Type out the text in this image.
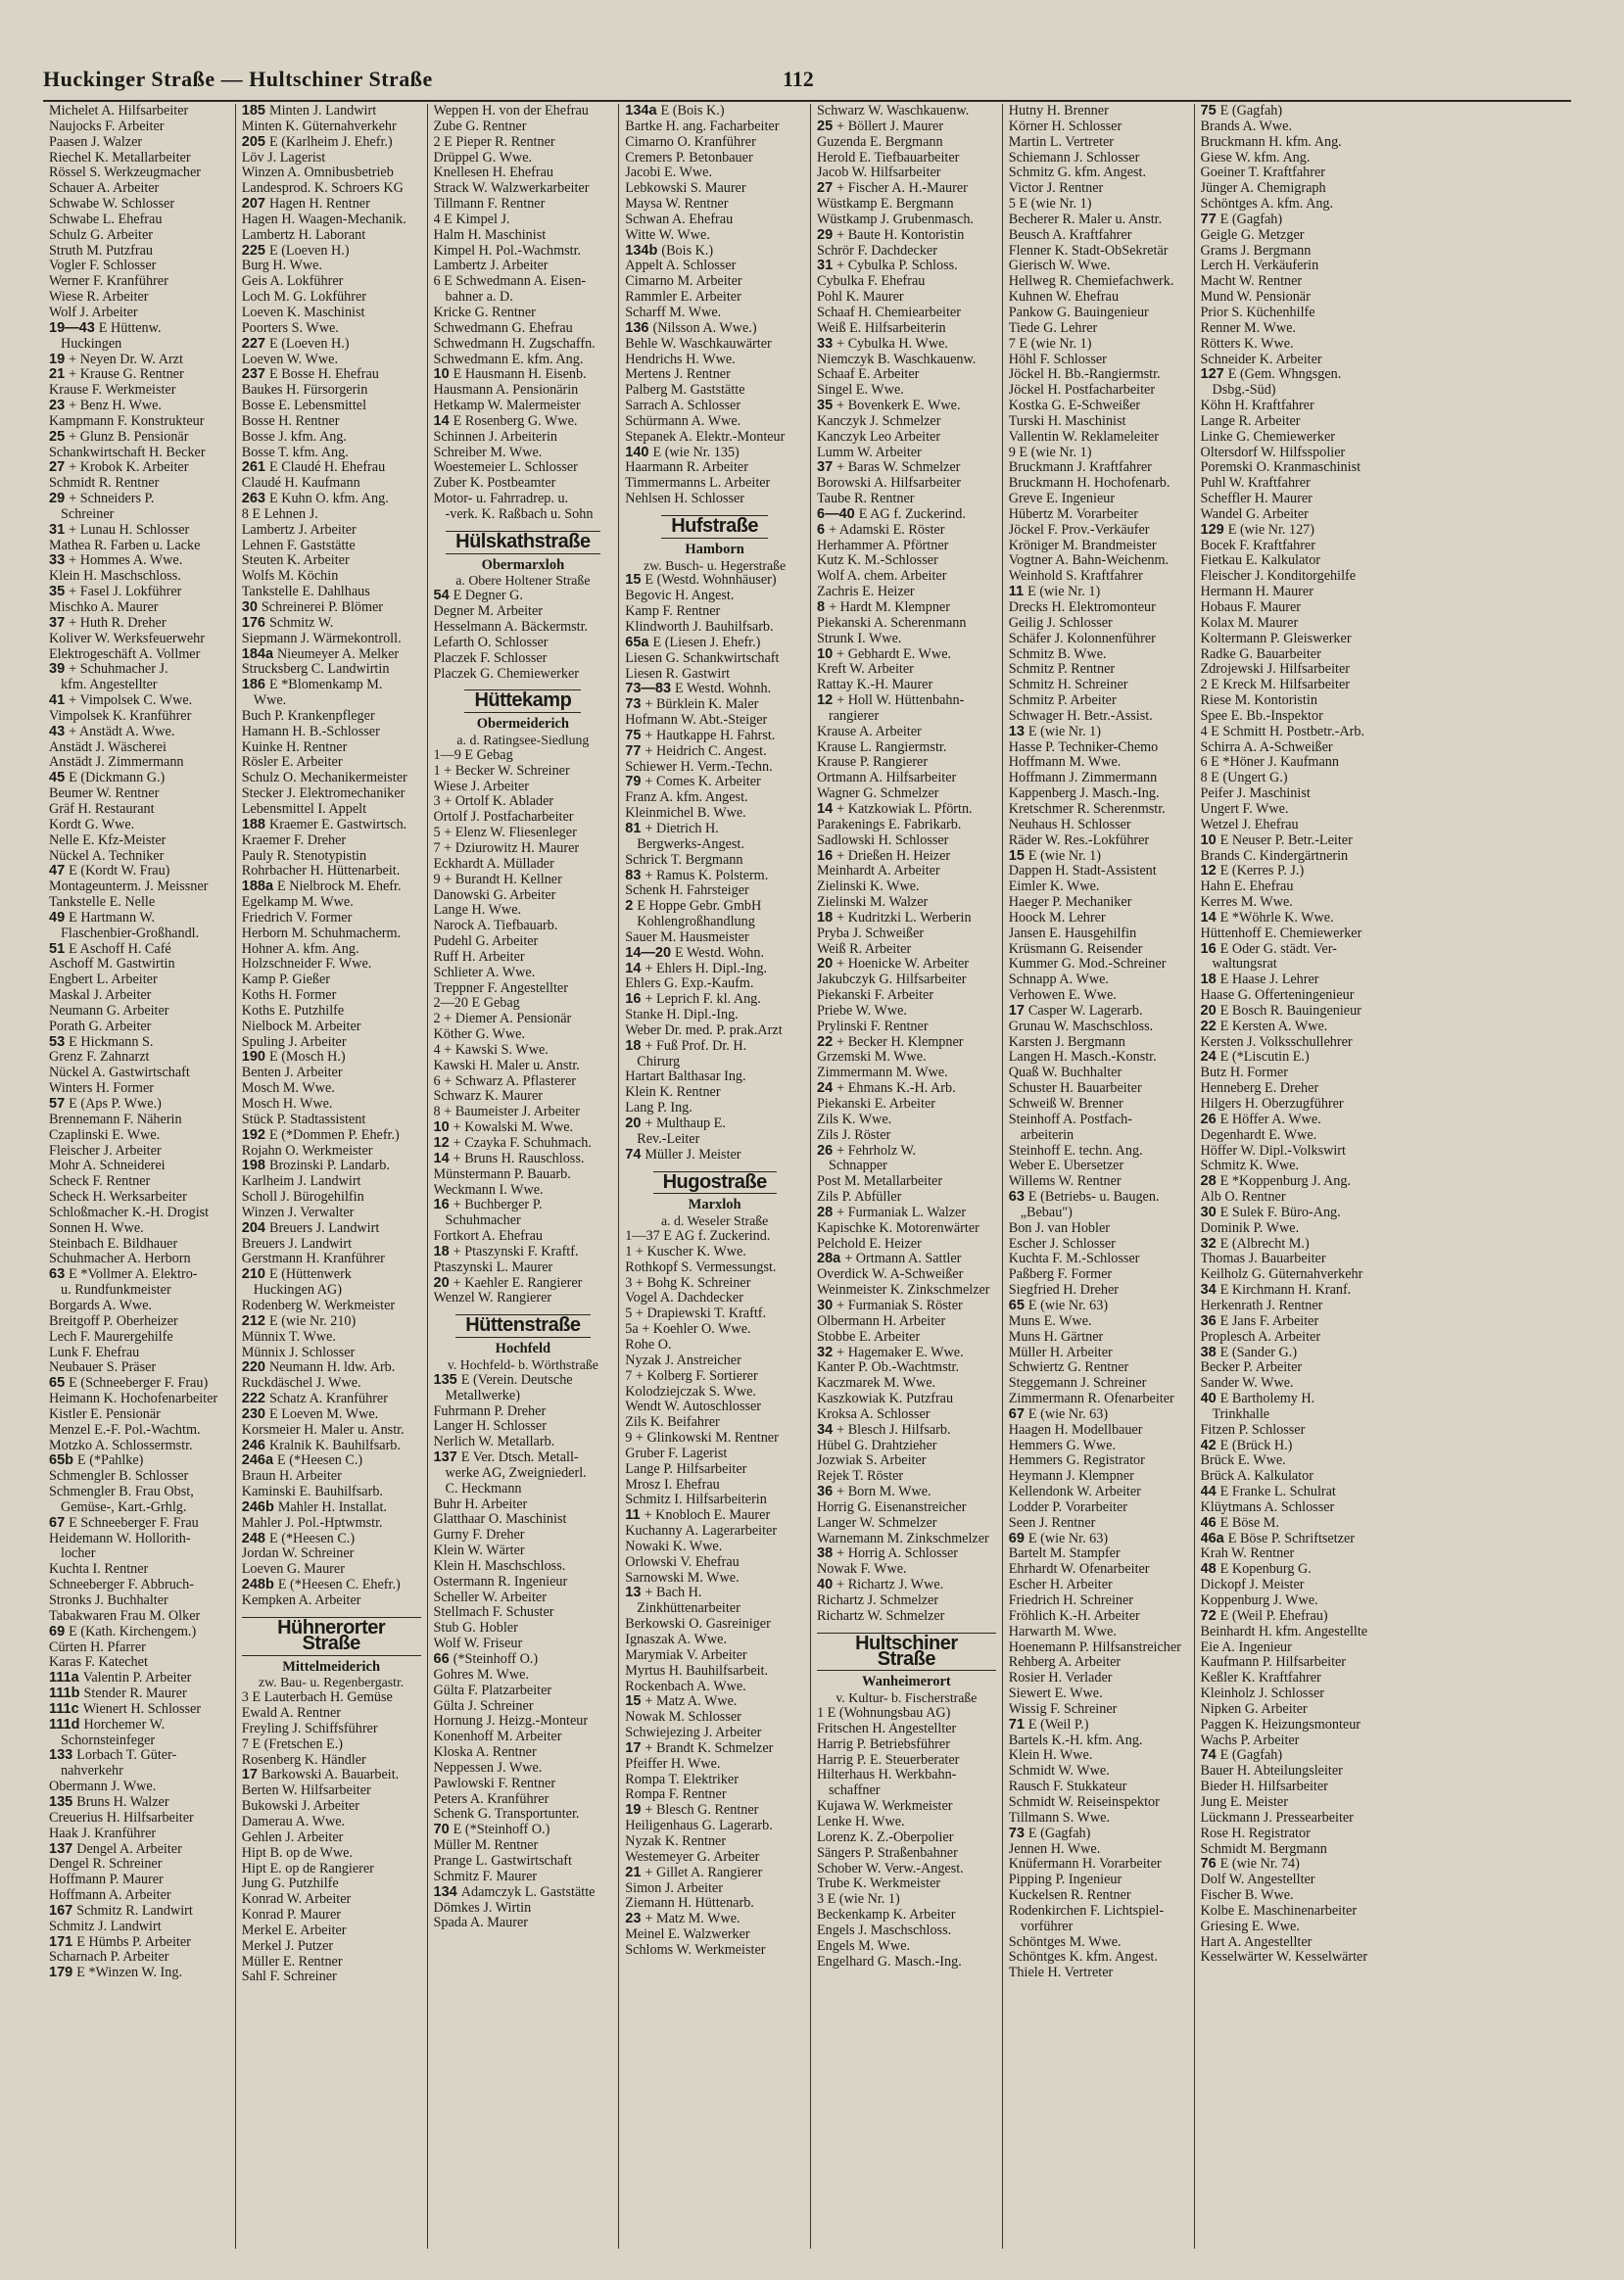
Huckinger Straße — Hultschiner Straße	112
Michelet A. Hilfsarbeiter
Naujocks F. Arbeiter
Paasen J. Walzer
Riechel K. Metallarbeiter
Rössel S. Werkzeugmacher
Schauer A. Arbeiter
Schwabe W. Schlosser
Schwabe L. Ehefrau
Schulz G. Arbeiter
Struth M. Putzfrau
Vogler F. Schlosser
Werner F. Kranführer
Wiese R. Arbeiter
Wolf J. Arbeiter
19—43 E Hüttenw.
Huckingen
19 + Neyen Dr. W. Arzt
21 + Krause G. Rentner
Krause F. Werkmeister
23 + Benz H. Wwe.
Kampmann F. Konstrukteur
25 + Glunz B. Pensionär
Schankwirtschaft H. Becker
27 + Krobok K. Arbeiter
Schmidt R. Rentner
29 + Schneiders P.
Schreiner
31 + Lunau H. Schlosser
Mathea R. Farben u. Lacke
33 + Hommes A. Wwe.
Klein H. Maschschloss.
35 + Fasel J. Lokführer
Mischko A. Maurer
37 + Huth R. Dreher
Koliver W. Werksfeuerwehr
Elektrogeschäft A. Vollmer
39 + Schuhmacher J.
kfm. Angestellter
41 + Vimpolsek C. Wwe.
Vimpolsek K. Kranführer
43 + Anstädt A. Wwe.
Anstädt J. Wäscherei
Anstädt J. Zimmermann
45 E (Dickmann G.)
Beumer W. Rentner
Gräf H. Restaurant
Kordt G. Wwe.
Nelle E. Kfz-Meister
Nückel A. Techniker
47 E (Kordt W. Frau)
Montageunterm. J. Meissner
Tankstelle E. Nelle
49 E Hartmann W.
Flaschenbier-Großhandl.
51 E Aschoff H. Café
Aschoff M. Gastwirtin
Engbert L. Arbeiter
Maskal J. Arbeiter
Neumann G. Arbeiter
Porath G. Arbeiter
53 E Hickmann S.
Grenz F. Zahnarzt
Nückel A. Gastwirtschaft
Winters H. Former
57 E (Aps P. Wwe.)
Brennemann F. Näherin
Czaplinski E. Wwe.
Fleischer J. Arbeiter
Mohr A. Schneiderei
Scheck F. Rentner
Scheck H. Werksarbeiter
Schloßmacher K.-H. Drogist
Sonnen H. Wwe.
Steinbach E. Bildhauer
Schuhmacher A. Herborn
63 E *Vollmer A. Elektro-
u. Rundfunkmeister
Borgards A. Wwe.
Breitgoff P. Oberheizer
Lech F. Maurergehilfe
Lunk F. Ehefrau
Neubauer S. Präser
65 E (Schneeberger F. Frau)
Heimann K. Hochofenarbeiter
Kistler E. Pensionär
Menzel E.-F. Pol.-Wachtm.
Motzko A. Schlossermstr.
65b E (*Pahlke)
Schmengler B. Schlosser
Schmengler B. Frau Obst,
Gemüse-, Kart.-Grhlg.
67 E Schneeberger F. Frau
Heidemann W. Hollorith-
locher
Kuchta I. Rentner
Schneeberger F. Abbruch-
Stronks J. Buchhalter
Tabakwaren Frau M. Olker
69 E (Kath. Kirchengem.)
Cürten H. Pfarrer
Karas F. Katechet
111a Valentin P. Arbeiter
111b Stender R. Maurer
111c Wienert H. Schlosser
111d Horchemer W.
Schornsteinfeger
133 Lorbach T. Güter-
nahverkehr
Obermann J. Wwe.
135 Bruns H. Walzer
Creuerius H. Hilfsarbeiter
Haak J. Kranführer
137 Dengel A. Arbeiter
Dengel R. Schreiner
Hoffmann P. Maurer
Hoffmann A. Arbeiter
167 Schmitz R. Landwirt
Schmitz J. Landwirt
171 E Hümbs P. Arbeiter
Scharnach P. Arbeiter
179 E *Winzen W. Ing.
185 Minten J. Landwirt
Minten K. Güternahverkehr
205 E (Karlheim J. Ehefr.)
Löv J. Lagerist
Winzen A. Omnibusbetrieb
Landesprod. K. Schroers KG
207 Hagen H. Rentner
Hagen H. Waagen-Mechanik.
Lambertz H. Laborant
225 E (Loeven H.)
Burg H. Wwe.
Geis A. Lokführer
Loch M. G. Lokführer
Loeven K. Maschinist
Poorters S. Wwe.
227 E (Loeven H.)
Loeven W. Wwe.
237 E Bosse H. Ehefrau
Baukes H. Fürsorgerin
Bosse E. Lebensmittel
Bosse H. Rentner
Bosse J. kfm. Ang.
Bosse T. kfm. Ang.
261 E Claudé H. Ehefrau
Claudé H. Kaufmann
263 E Kuhn O. kfm. Ang.
8 E Lehnen J.
Lambertz J. Arbeiter
Lehnen F. Gaststätte
Steuten K. Arbeiter
Wolfs M. Köchin
Tankstelle E. Dahlhaus
30 Schreinerei P. Blömer
176 Schmitz W.
Siepmann J. Wärmekontroll.
184a Nieumeyer A. Melker
Strucksberg C. Landwirtin
186 E *Blomenkamp M.
Wwe.
Buch P. Krankenpfleger
Hamann H. B.-Schlosser
Kuinke H. Rentner
Rösler E. Arbeiter
Schulz O. Mechanikermeister
Stecker J. Elektromechaniker
Lebensmittel I. Appelt
188 Kraemer E. Gastwirtsch.
Kraemer F. Dreher
Pauly R. Stenotypistin
Rohrbacher H. Hüttenarbeit.
188a E Nielbrock M. Ehefr.
Egelkamp M. Wwe.
Friedrich V. Former
Herborn M. Schuhmacherm.
Hohner A. kfm. Ang.
Holzschneider F. Wwe.
Kamp P. Gießer
Koths H. Former
Koths E. Putzhilfe
Nielbock M. Arbeiter
Spuling J. Arbeiter
190 E (Mosch H.)
Benten J. Arbeiter
Mosch M. Wwe.
Mosch H. Wwe.
Stück P. Stadtassistent
192 E (*Dommen P. Ehefr.)
Rojahn O. Werkmeister
198 Brozinski P. Landarb.
Karlheim J. Landwirt
Scholl J. Bürogehilfin
Winzen J. Verwalter
204 Breuers J. Landwirt
Breuers J. Landwirt
Gerstmann H. Kranführer
210 E (Hüttenwerk
Huckingen AG)
Rodenberg W. Werkmeister
212 E (wie Nr. 210)
Münnix T. Wwe.
Münnix J. Schlosser
220 Neumann H. ldw. Arb.
Ruckdäschel J. Wwe.
222 Schatz A. Kranführer
230 E Loeven M. Wwe.
Korsmeier H. Maler u. Anstr.
246 Kralnik K. Bauhilfsarb.
246a E (*Heesen C.)
Braun H. Arbeiter
Kaminski E. Bauhilfsarb.
246b Mahler H. Installat.
Mahler J. Pol.-Hptwmstr.
248 E (*Heesen C.)
Jordan W. Schreiner
Loeven G. Maurer
248b E (*Heesen C. Ehefr.)
Kempken A. Arbeiter
Hühnerorter Straße
Mittelmeiderich
zw. Bau- u. Regenbergastr.
3 E Lauterbach H. Gemüse
Ewald A. Rentner
Freyling J. Schiffsführer
7 E (Fretschen E.)
Rosenberg K. Händler
17 Barkowski A. Bauarbeit.
Berten W. Hilfsarbeiter
Bukowski J. Arbeiter
Damerau A. Wwe.
Gehlen J. Arbeiter
Hipt B. op de Wwe.
Hipt E. op de Rangierer
Jung G. Putzhilfe
Konrad W. Arbeiter
Konrad P. Maurer
Merkel E. Arbeiter
Merkel J. Putzer
Müller E. Rentner
Sahl F. Schreiner
Weppen H. von der Ehefrau
Zube G. Rentner
2 E Pieper R. Rentner
Drüppel G. Wwe.
Knellesen H. Ehefrau
Strack W. Walzwerkarbeiter
Tillmann F. Rentner
4 E Kimpel J.
Halm H. Maschinist
Kimpel H. Pol.-Wachmstr.
Lambertz J. Arbeiter
6 E Schwedmann A. Eisen-
bahner a. D.
Kricke G. Rentner
Schwedmann G. Ehefrau
Schwedmann H. Zugschaffn.
Schwedmann E. kfm. Ang.
10 E Hausmann H. Eisenb.
Hausmann A. Pensionärin
Hetkamp W. Malermeister
14 E Rosenberg G. Wwe.
Schinnen J. Arbeiterin
Schreiber M. Wwe.
Woestemeier L. Schlosser
Zuber K. Postbeamter
Motor- u. Fahrradrep. u.
-verk. K. Raßbach u. Sohn
Hülskathstraße
Obermarxloh
a. Obere Holtener Straße
54 E Degner G.
Degner M. Arbeiter
Hesselmann A. Bäckermstr.
Lefarth O. Schlosser
Placzek F. Schlosser
Placzek G. Chemiewerker
Hüttekamp
Obermeiderich
a. d. Ratingsee-Siedlung
1—9 E Gebag
1 + Becker W. Schreiner
Wiese J. Arbeiter
3 + Ortolf K. Ablader
Ortolf J. Postfacharbeiter
5 + Elenz W. Fliesenleger
7 + Dziurowitz H. Maurer
Eckhardt A. Müllader
9 + Burandt H. Kellner
Danowski G. Arbeiter
Lange H. Wwe.
Narock A. Tiefbauarb.
Pudehl G. Arbeiter
Ruff H. Arbeiter
Schlieter A. Wwe.
Treppner F. Angestellter
2—20 E Gebag
2 + Diemer A. Pensionär
Köther G. Wwe.
4 + Kawski S. Wwe.
Kawski H. Maler u. Anstr.
6 + Schwarz A. Pflasterer
Schwarz K. Maurer
8 + Baumeister J. Arbeiter
10 + Kowalski M. Wwe.
12 + Czayka F. Schuhmach.
14 + Bruns H. Rauschloss.
Münstermann P. Bauarb.
Weckmann I. Wwe.
16 + Buchberger P.
Schuhmacher
Fortkort A. Ehefrau
18 + Ptaszynski F. Kraftf.
Ptaszynski L. Maurer
20 + Kaehler E. Rangierer
Wenzel W. Rangierer
Hüttenstraße
Hochfeld
v. Hochfeld- b. Wörthstraße
135 E (Verein. Deutsche
Metallwerke)
Fuhrmann P. Dreher
Langer H. Schlosser
Nerlich W. Metallarb.
137 E Ver. Dtsch. Metall-
werke AG, Zweigniederl.
C. Heckmann
Buhr H. Arbeiter
Glatthaar O. Maschinist
Gurny F. Dreher
Klein W. Wärter
Klein H. Maschschloss.
Ostermann R. Ingenieur
Scheller W. Arbeiter
Stellmach F. Schuster
Stub G. Hobler
Wolf W. Friseur
66 (*Steinhoff O.)
Gohres M. Wwe.
Gülta F. Platzarbeiter
Gülta J. Schreiner
Hornung J. Heizg.-Monteur
Konenhoff M. Arbeiter
Kloska A. Rentner
Neppessen J. Wwe.
Pawlowski F. Rentner
Peters A. Kranführer
Schenk G. Transportunter.
70 E (*Steinhoff O.)
Müller M. Rentner
Prange L. Gastwirtschaft
Schmitz F. Maurer
134 Adamczyk L. Gaststätte
Dömkes J. Wirtin
Spada A. Maurer
134a E (Bois K.)
Bartke H. ang. Facharbeiter
Cimarno O. Kranführer
Cremers P. Betonbauer
Jacobi E. Wwe.
Lebkowski S. Maurer
Maysa W. Rentner
Schwan A. Ehefrau
Witte W. Wwe.
134b (Bois K.)
Appelt A. Schlosser
Cimarno M. Arbeiter
Rammler E. Arbeiter
Scharff M. Wwe.
136 (Nilsson A. Wwe.)
Behle W. Waschkauwärter
Hendrichs H. Wwe.
Mertens J. Rentner
Palberg M. Gaststätte
Sarrach A. Schlosser
Schürmann A. Wwe.
Stepanek A. Elektr.-Monteur
140 E (wie Nr. 135)
Haarmann R. Arbeiter
Timmermanns L. Arbeiter
Nehlsen H. Schlosser
Hufstraße
Hamborn
zw. Busch- u. Hegerstraße
15 E (Westd. Wohnhäuser)
Begovic H. Angest.
Kamp F. Rentner
Klindworth J. Bauhilfsarb.
65a E (Liesen J. Ehefr.)
Liesen G. Schankwirtschaft
Liesen R. Gastwirt
73—83 E Westd. Wohnh.
73 + Bürklein K. Maler
Hofmann W. Abt.-Steiger
75 + Hautkappe H. Fahrst.
77 + Heidrich C. Angest.
Schiewer H. Verm.-Techn.
79 + Comes K. Arbeiter
Franz A. kfm. Angest.
Kleinmichel B. Wwe.
81 + Dietrich H.
Bergwerks-Angest.
Schrick T. Bergmann
83 + Ramus K. Polsterm.
Schenk H. Fahrsteiger
2 E Hoppe Gebr. GmbH
Kohlengroßhandlung
Sauer M. Hausmeister
14—20 E Westd. Wohn.
14 + Ehlers H. Dipl.-Ing.
Ehlers G. Exp.-Kaufm.
16 + Leprich F. kl. Ang.
Stanke H. Dipl.-Ing.
Weber Dr. med. P. prak.Arzt
18 + Fuß Prof. Dr. H.
Chirurg
Hartart Balthasar Ing.
Klein K. Rentner
Lang P. Ing.
20 + Multhaup E.
Rev.-Leiter
74 Müller J. Meister
Hugostraße
Marxloh
a. d. Weseler Straße
1—37 E AG f. Zuckerind.
1 + Kuscher K. Wwe.
Rothkopf S. Vermessungst.
3 + Bohg K. Schreiner
Vogel A. Dachdecker
5 + Drapiewski T. Kraftf.
5a + Koehler O. Wwe.
Rohe O.
Nyzak J. Anstreicher
7 + Kolberg F. Sortierer
Kolodziejczak S. Wwe.
Wendt W. Autoschlosser
Zils K. Beifahrer
9 + Glinkowski M. Rentner
Gruber F. Lagerist
Lange P. Hilfsarbeiter
Mrosz I. Ehefrau
Schmitz I. Hilfsarbeiterin
11 + Knobloch E. Maurer
Kuchanny A. Lagerarbeiter
Nowaki K. Wwe.
Orlowski V. Ehefrau
Sarnowski M. Wwe.
13 + Bach H.
Zinkhüttenarbeiter
Berkowski O. Gasreiniger
Ignaszak A. Wwe.
Marymiak V. Arbeiter
Myrtus H. Bauhilfsarbeit.
Rockenbach A. Wwe.
15 + Matz A. Wwe.
Nowak M. Schlosser
Schwiejezing J. Arbeiter
17 + Brandt K. Schmelzer
Pfeiffer H. Wwe.
Rompa T. Elektriker
Rompa F. Rentner
19 + Blesch G. Rentner
Heiligenhaus G. Lagerarb.
Nyzak K. Rentner
Westemeyer G. Arbeiter
21 + Gillet A. Rangierer
Simon J. Arbeiter
Ziemann H. Hüttenarb.
23 + Matz M. Wwe.
Meinel E. Walzwerker
Schloms W. Werkmeister
Schwarz W. Waschkauenw.
25 + Böllert J. Maurer
Guzenda E. Bergmann
Herold E. Tiefbauarbeiter
Jacob W. Hilfsarbeiter
27 + Fischer A. H.-Maurer
Wüstkamp E. Bergmann
Wüstkamp J. Grubenmasch.
29 + Baute H. Kontoristin
Schrör F. Dachdecker
31 + Cybulka P. Schloss.
Cybulka F. Ehefrau
Pohl K. Maurer
Schaaf H. Chemiearbeiter
Weiß E. Hilfsarbeiterin
33 + Cybulka H. Wwe.
Niemczyk B. Waschkauenw.
Schaaf E. Arbeiter
Singel E. Wwe.
35 + Bovenkerk E. Wwe.
Kanczyk J. Schmelzer
Kanczyk Leo Arbeiter
Lumm W. Arbeiter
37 + Baras W. Schmelzer
Borowski A. Hilfsarbeiter
Taube R. Rentner
6—40 E AG f. Zuckerind.
6 + Adamski E. Röster
Herhammer A. Pförtner
Kutz K. M.-Schlosser
Wolf A. chem. Arbeiter
Zachris E. Heizer
8 + Hardt M. Klempner
Piekanski A. Scherenmann
Strunk I. Wwe.
10 + Gebhardt E. Wwe.
Kreft W. Arbeiter
Rattay K.-H. Maurer
12 + Holl W. Hüttenbahn-
rangierer
Krause A. Arbeiter
Krause L. Rangiermstr.
Krause P. Rangierer
Ortmann A. Hilfsarbeiter
Wagner G. Schmelzer
14 + Katzkowiak L. Pförtn.
Parakenings E. Fabrikarb.
Sadlowski H. Schlosser
16 + Drießen H. Heizer
Meinhardt A. Arbeiter
Zielinski K. Wwe.
Zielinski M. Walzer
18 + Kudritzki L. Werberin
Pryba J. Schweißer
Weiß R. Arbeiter
20 + Hoenicke W. Arbeiter
Jakubczyk G. Hilfsarbeiter
Piekanski F. Arbeiter
Priebe W. Wwe.
Prylinski F. Rentner
22 + Becker H. Klempner
Grzemski M. Wwe.
Zimmermann M. Wwe.
24 + Ehmans K.-H. Arb.
Piekanski E. Arbeiter
Zils K. Wwe.
Zils J. Röster
26 + Fehrholz W.
Schnapper
Post M. Metallarbeiter
Zils P. Abfüller
28 + Furmaniak L. Walzer
Kapischke K. Motorenwärter
Pelchold E. Heizer
28a + Ortmann A. Sattler
Overdick W. A-Schweißer
Weinmeister K. Zinkschmelzer
30 + Furmaniak S. Röster
Olbermann H. Arbeiter
Stobbe E. Arbeiter
32 + Hagemaker E. Wwe.
Kanter P. Ob.-Wachtmstr.
Kaczmarek M. Wwe.
Kaszkowiak K. Putzfrau
Kroksa A. Schlosser
34 + Blesch J. Hilfsarb.
Hübel G. Drahtzieher
Jozwiak S. Arbeiter
Rejek T. Röster
36 + Born M. Wwe.
Horrig G. Eisenanstreicher
Langer W. Schmelzer
Warnemann M. Zinkschmelzer
38 + Horrig A. Schlosser
Nowak F. Wwe.
40 + Richartz J. Wwe.
Richartz J. Schmelzer
Richartz W. Schmelzer
Hultschiner Straße
Wanheimerort
v. Kultur- b. Fischerstraße
1 E (Wohnungsbau AG)
Fritschen H. Angestellter
Harrig P. Betriebsführer
Harrig P. E. Steuerberater
Hilterhaus H. Werkbahn-
schaffner
Kujawa W. Werkmeister
Lenke H. Wwe.
Lorenz K. Z.-Oberpolier
Sängers P. Straßenbahner
Schober W. Verw.-Angest.
Trube K. Werkmeister
3 E (wie Nr. 1)
Beckenkamp K. Arbeiter
Engels J. Maschschloss.
Engels M. Wwe.
Engelhard G. Masch.-Ing.
Hutny H. Brenner
Körner H. Schlosser
Martin L. Vertreter
Schiemann J. Schlosser
Schmitz G. kfm. Angest.
Victor J. Rentner
5 E (wie Nr. 1)
Becherer R. Maler u. Anstr.
Beusch A. Kraftfahrer
Flenner K. Stadt-ObSekretär
Gierisch W. Wwe.
Hellweg R. Chemiefachwerk.
Kuhnen W. Ehefrau
Pankow G. Bauingenieur
Tiede G. Lehrer
7 E (wie Nr. 1)
Höhl F. Schlosser
Jöckel H. Bb.-Rangiermstr.
Jöckel H. Postfacharbeiter
Kostka G. E-Schweißer
Turski H. Maschinist
Vallentin W. Reklameleiter
9 E (wie Nr. 1)
Bruckmann J. Kraftfahrer
Bruckmann H. Hochofenarb.
Greve E. Ingenieur
Hübertz M. Vorarbeiter
Jöckel F. Prov.-Verkäufer
Kröniger M. Brandmeister
Vogtner A. Bahn-Weichenm.
Weinhold S. Kraftfahrer
11 E (wie Nr. 1)
Drecks H. Elektromonteur
Geilig J. Schlosser
Schäfer J. Kolonnenführer
Schmitz B. Wwe.
Schmitz P. Rentner
Schmitz H. Schreiner
Schmitz P. Arbeiter
Schwager H. Betr.-Assist.
13 E (wie Nr. 1)
Hasse P. Techniker-Chemo
Hoffmann M. Wwe.
Hoffmann J. Zimmermann
Kappenberg J. Masch.-Ing.
Kretschmer R. Scherenmstr.
Neuhaus H. Schlosser
Räder W. Res.-Lokführer
15 E (wie Nr. 1)
Dappen H. Stadt-Assistent
Eimler K. Wwe.
Haeger P. Mechaniker
Hoock M. Lehrer
Jansen E. Hausgehilfin
Krüsmann G. Reisender
Kummer G. Mod.-Schreiner
Schnapp A. Wwe.
Verhowen E. Wwe.
17 Casper W. Lagerarb.
Grunau W. Maschschloss.
Karsten J. Bergmann
Langen H. Masch.-Konstr.
Quaß W. Buchhalter
Schuster H. Bauarbeiter
Schweiß W. Brenner
Steinhoff A. Postfach-
arbeiterin
Steinhoff E. techn. Ang.
Weber E. Übersetzer
Willems W. Rentner
63 E (Betriebs- u. Baugen.
„Bebau")
Bon J. van Hobler
Escher J. Schlosser
Kuchta F. M.-Schlosser
Paßberg F. Former
Siegfried H. Dreher
65 E (wie Nr. 63)
Muns E. Wwe.
Muns H. Gärtner
Müller H. Arbeiter
Schwiertz G. Rentner
Steggemann J. Schreiner
Zimmermann R. Ofenarbeiter
67 E (wie Nr. 63)
Haagen H. Modellbauer
Hemmers G. Wwe.
Hemmers G. Registrator
Heymann J. Klempner
Kellendonk W. Arbeiter
Lodder P. Vorarbeiter
Seen J. Rentner
69 E (wie Nr. 63)
Bartelt M. Stampfer
Ehrhardt W. Ofenarbeiter
Escher H. Arbeiter
Friedrich H. Schreiner
Fröhlich K.-H. Arbeiter
Harwarth M. Wwe.
Hoenemann P. Hilfsanstreicher
Rehberg A. Arbeiter
Rosier H. Verlader
Siewert E. Wwe.
Wissig F. Schreiner
71 E (Weil P.)
Bartels K.-H. kfm. Ang.
Klein H. Wwe.
Schmidt W. Wwe.
Rausch F. Stukkateur
Schmidt W. Reiseinspektor
Tillmann S. Wwe.
73 E (Gagfah)
Jennen H. Wwe.
Knüfermann H. Vorarbeiter
Pipping P. Ingenieur
Kuckelsen R. Rentner
Rodenkirchen F. Lichtspiel-
vorführer
Schöntges M. Wwe.
Schöntges K. kfm. Angest.
Thiele H. Vertreter
75 E (Gagfah)
Brands A. Wwe.
Bruckmann H. kfm. Ang.
Giese W. kfm. Ang.
Goeiner T. Kraftfahrer
Jünger A. Chemigraph
Schöntges A. kfm. Ang.
77 E (Gagfah)
Geigle G. Metzger
Grams J. Bergmann
Lerch H. Verkäuferin
Macht W. Rentner
Mund W. Pensionär
Prior S. Küchenhilfe
Renner M. Wwe.
Rötters K. Wwe.
Schneider K. Arbeiter
127 E (Gem. Whngsgen.
Dsbg.-Süd)
Köhn H. Kraftfahrer
Lange R. Arbeiter
Linke G. Chemiewerker
Oltersdorf W. Hilfsspolier
Poremski O. Kranmaschinist
Puhl W. Kraftfahrer
Scheffler H. Maurer
Wandel G. Arbeiter
129 E (wie Nr. 127)
Bocek F. Kraftfahrer
Fietkau E. Kalkulator
Fleischer J. Konditorgehilfe
Hermann H. Maurer
Hobaus F. Maurer
Kolax M. Maurer
Koltermann P. Gleiswerker
Radke G. Bauarbeiter
Zdrojewski J. Hilfsarbeiter
2 E Kreck M. Hilfsarbeiter
Riese M. Kontoristin
Spee E. Bb.-Inspektor
4 E Schmitt H. Postbetr.-Arb.
Schirra A. A-Schweißer
6 E *Höner J. Kaufmann
8 E (Ungert G.)
Peifer J. Maschinist
Ungert F. Wwe.
Wetzel J. Ehefrau
10 E Neuser P. Betr.-Leiter
Brands C. Kindergärtnerin
12 E (Kerres P. J.)
Hahn E. Ehefrau
Kerres M. Wwe.
14 E *Wöhrle K. Wwe.
Hüttenhoff E. Chemiewerker
16 E Oder G. städt. Ver-
waltungsrat
18 E Haase J. Lehrer
Haase G. Offerteningenieur
20 E Bosch R. Bauingenieur
22 E Kersten A. Wwe.
Kersten J. Volksschullehrer
24 E (*Liscutin E.)
Butz H. Former
Henneberg E. Dreher
Hilgers H. Oberzugführer
26 E Höffer A. Wwe.
Degenhardt E. Wwe.
Höffer W. Dipl.-Volkswirt
Schmitz K. Wwe.
28 E *Koppenburg J. Ang.
Alb O. Rentner
30 E Sulek F. Büro-Ang.
Dominik P. Wwe.
32 E (Albrecht M.)
Thomas J. Bauarbeiter
Keilholz G. Güternahverkehr
34 E Kirchmann H. Kranf.
Herkenrath J. Rentner
36 E Jans F. Arbeiter
Proplesch A. Arbeiter
38 E (Sander G.)
Becker P. Arbeiter
Sander W. Wwe.
40 E Bartholemy H.
Trinkhalle
Fitzen P. Schlosser
42 E (Brück H.)
Brück E. Wwe.
Brück A. Kalkulator
44 E Franke L. Schulrat
Klüytmans A. Schlosser
46 E Böse M.
46a E Böse P. Schriftsetzer
Krah W. Rentner
48 E Kopenburg G.
Dickopf J. Meister
Koppenburg J. Wwe.
72 E (Weil P. Ehefrau)
Beinhardt H. kfm. Angestellte
Eie A. Ingenieur
Kaufmann P. Hilfsarbeiter
Keßler K. Kraftfahrer
Kleinholz J. Schlosser
Nipken G. Arbeiter
Paggen K. Heizungsmonteur
Wachs P. Arbeiter
74 E (Gagfah)
Bauer H. Abteilungsleiter
Bieder H. Hilfsarbeiter
Jung E. Meister
Lückmann J. Pressearbeiter
Rose H. Registrator
Schmidt M. Bergmann
76 E (wie Nr. 74)
Dolf W. Angestellter
Fischer B. Wwe.
Kolbe E. Maschinenarbeiter
Griesing E. Wwe.
Hart A. Angestellter
Kesselwärter W. Kesselwärter
